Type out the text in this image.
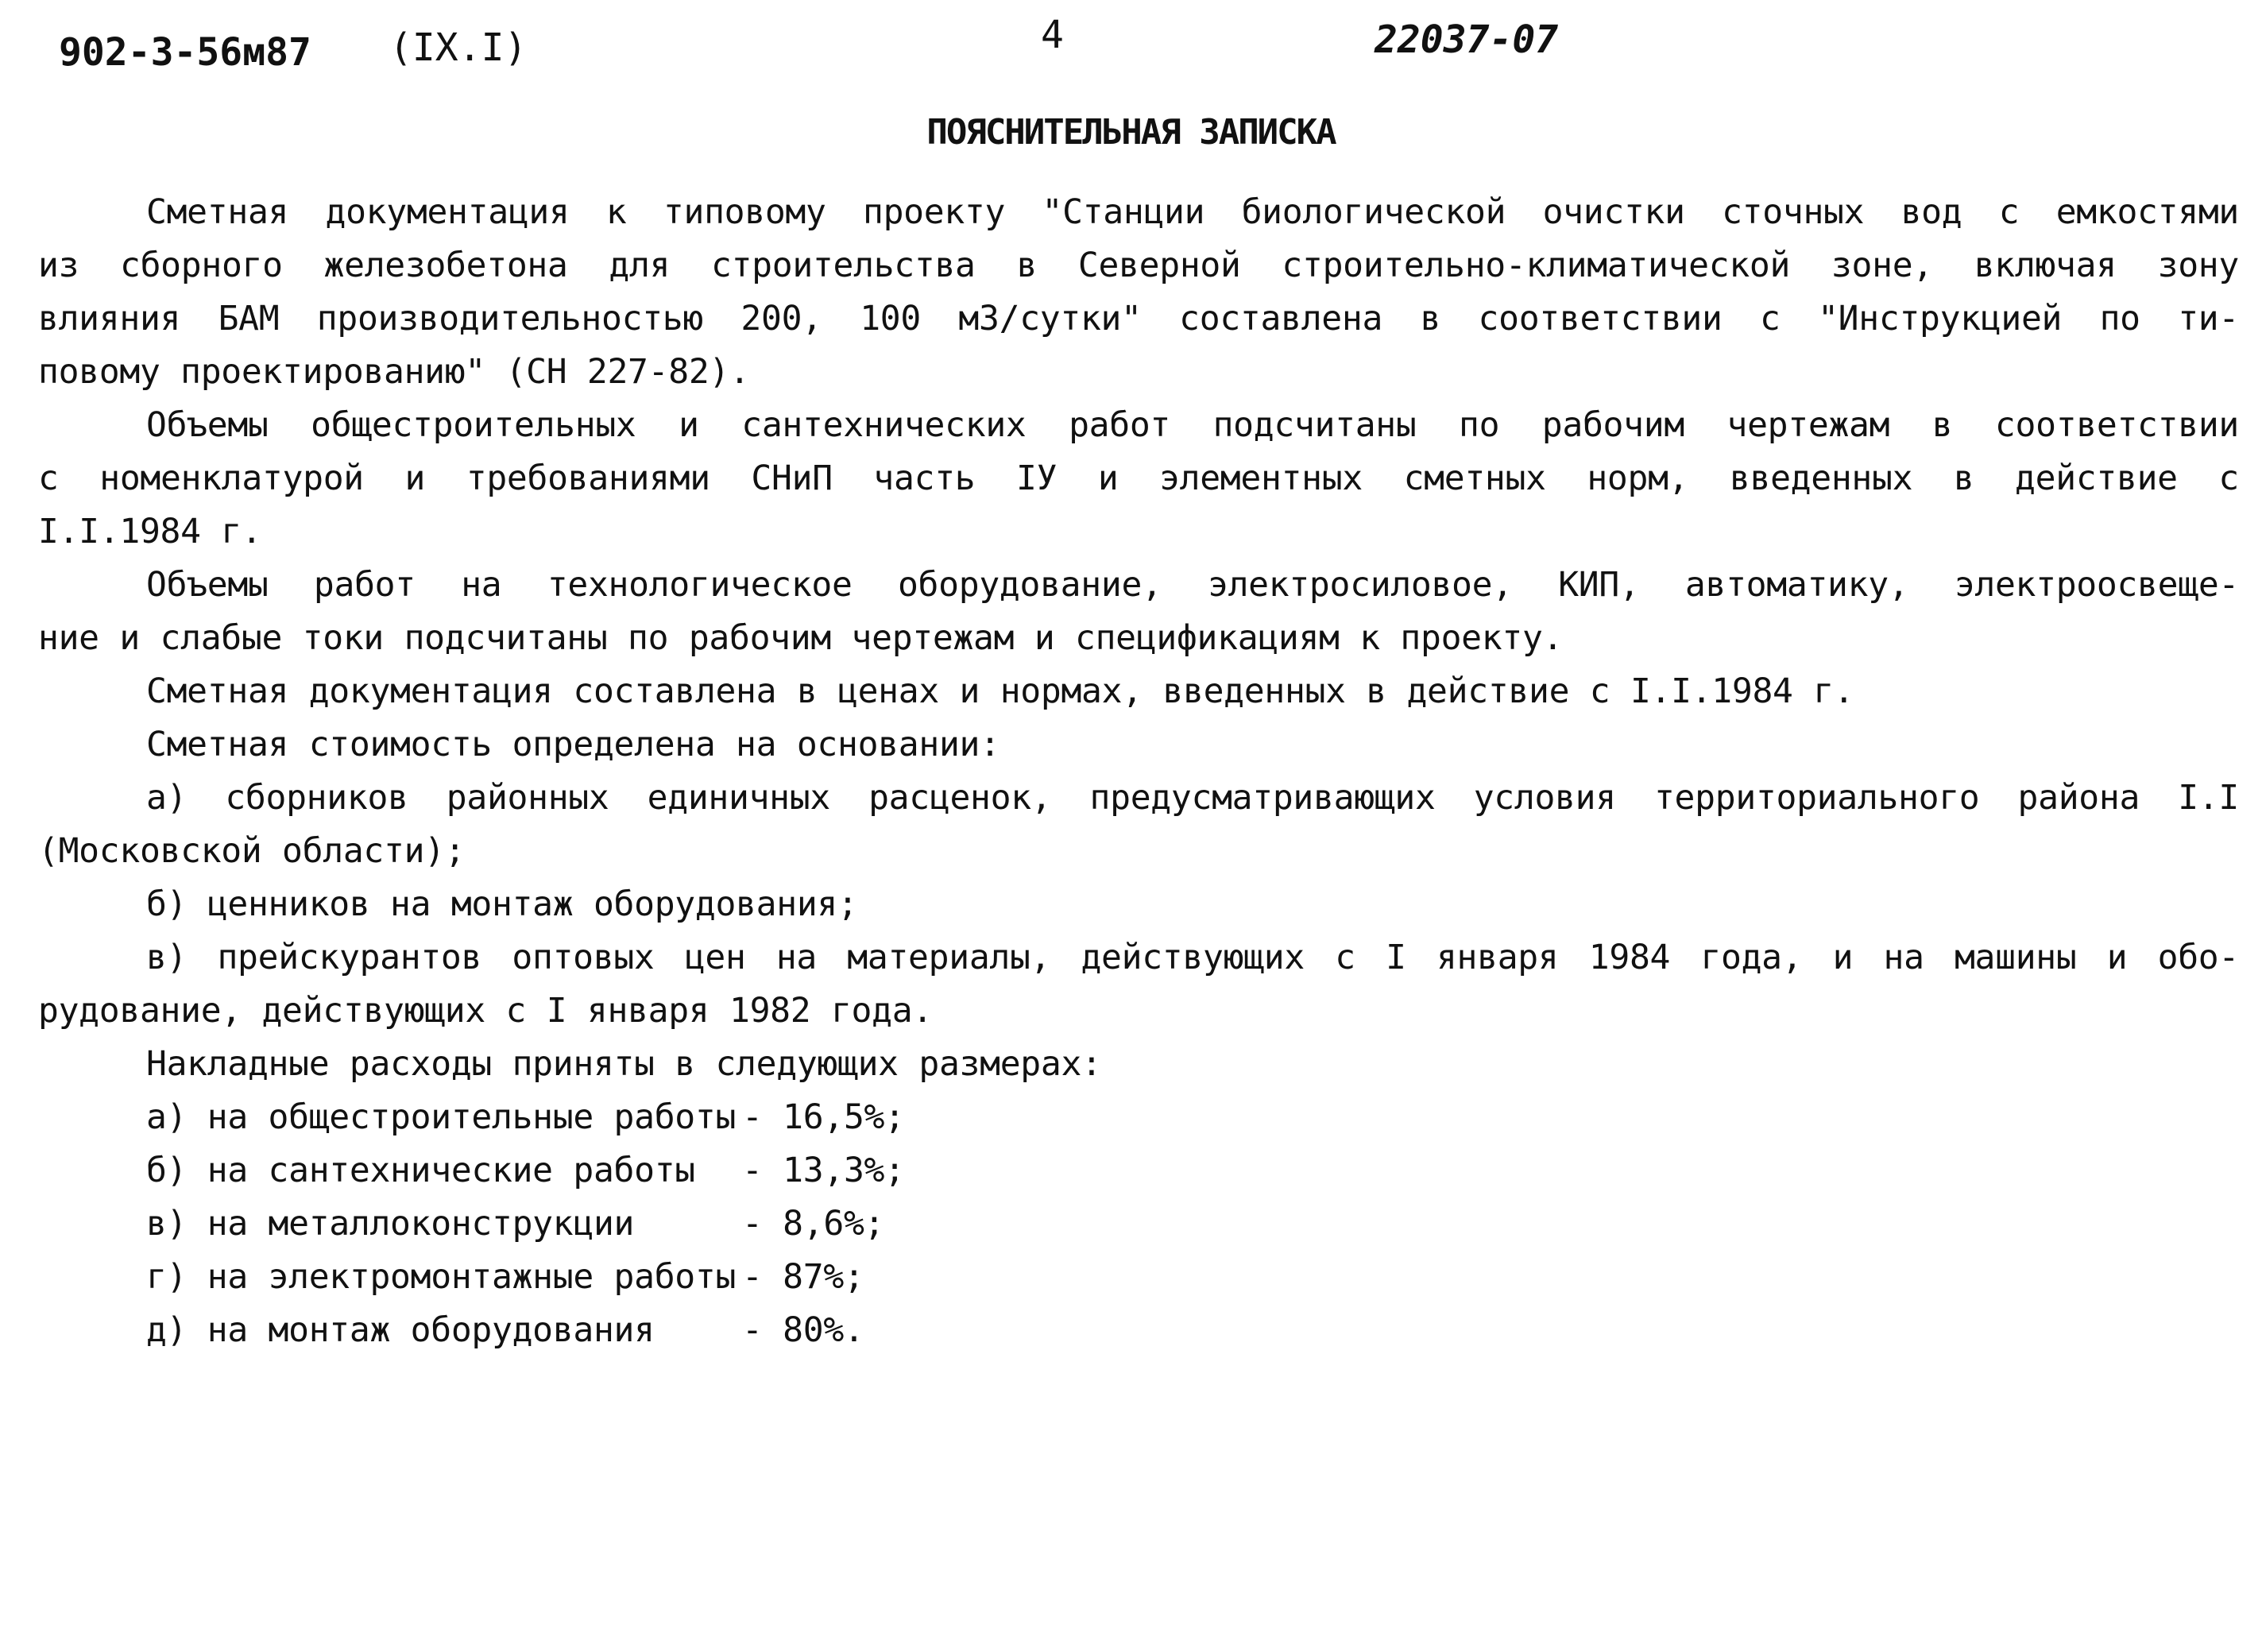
902-3-56м87 (IX.I)	4	22037-07
ПОЯСНИТЕЛЬНАЯ ЗАПИСКА
Сметная документация к типовому проекту "Станции биологической очистки сточных вод с емкостями
из сборного железобетона для строительства в Северной строительно-климатической зоне, включая зону
влияния БАМ производительностью 200, 100 м3/сутки" составлена в соответствии с "Инструкцией по ти-
повому проектированию" (СН 227-82).
Объемы общестроительных и сантехнических работ подсчитаны по рабочим чертежам в соответствии
с номенклатурой и требованиями СНиП часть IУ и элементных сметных норм, введенных в действие с
I.I.1984 г.
Объемы работ на технологическое оборудование, электросиловое, КИП, автоматику, электроосвеще-
ние и слабые токи подсчитаны по рабочим чертежам и спецификациям к проекту.
Сметная документация составлена в ценах и нормах, введенных в действие с I.I.1984 г.
Сметная стоимость определена на основании:
а) сборников районных единичных расценок, предусматривающих условия территориального района I.I
(Московской области);
б) ценников на монтаж оборудования;
в) прейскурантов оптовых цен на материалы, действующих с I января 1984 года, и на машины и обо-
рудование, действующих с I января 1982 года.
Накладные расходы приняты в следующих размерах:
а) на общестроительные работы - 16,5%;
б) на сантехнические работы - 13,3%;
в) на металлоконструкции	- 8,6%;
г) на электромонтажные работы - 87%;
д) на монтаж оборудования	- 80%.
